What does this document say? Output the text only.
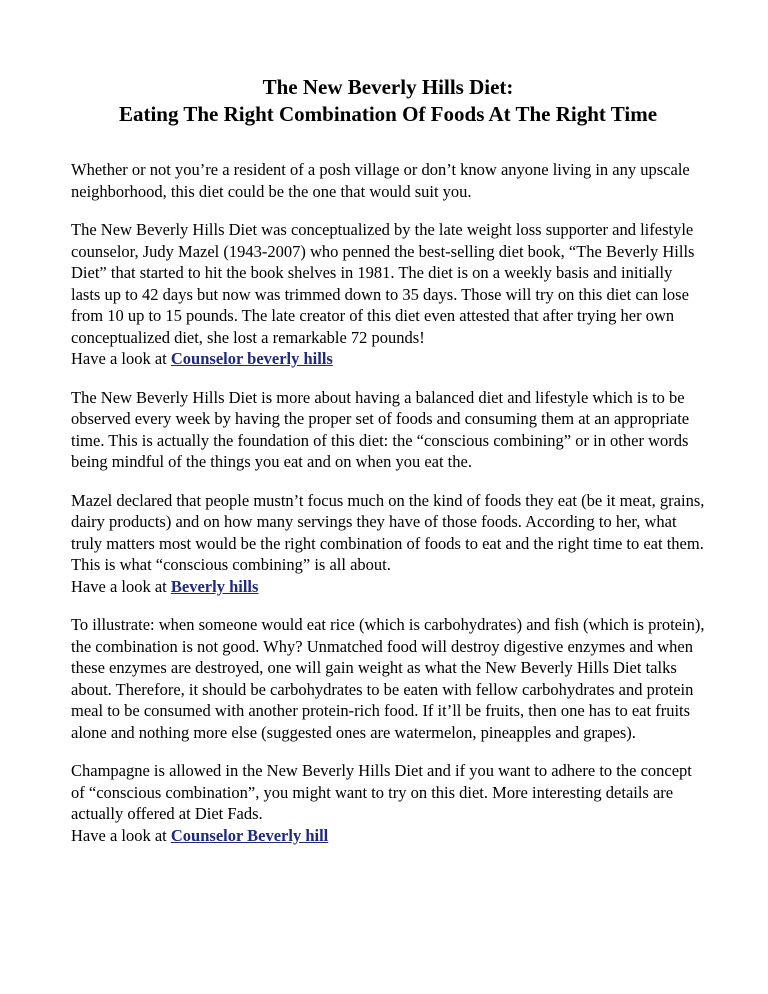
The New Beverly Hills Diet:
Eating The Right Combination Of Foods At The Right Time

Whether or not you’re a resident of a posh village or don’t know anyone living in any upscale neighborhood, this diet could be the one that would suit you.

The New Beverly Hills Diet was conceptualized by the late weight loss supporter and lifestyle counselor, Judy Mazel (1943-2007) who penned the best-selling diet book, “The Beverly Hills Diet” that started to hit the book shelves in 1981. The diet is on a weekly basis and initially lasts up to 42 days but now was trimmed down to 35 days. Those will try on this diet can lose from 10 up to 15 pounds. The late creator of this diet even attested that after trying her own conceptualized diet, she lost a remarkable 72 pounds!

Have a look at Counselor beverly hills

The New Beverly Hills Diet is more about having a balanced diet and lifestyle which is to be observed every week by having the proper set of foods and consuming them at an appropriate time. This is actually the foundation of this diet: the “conscious combining” or in other words being mindful of the things you eat and on when you eat the.

Mazel declared that people mustn’t focus much on the kind of foods they eat (be it meat, grains, dairy products) and on how many servings they have of those foods. According to her, what truly matters most would be the right combination of foods to eat and the right time to eat them. This is what “conscious combining” is all about.

Have a look at Beverly hills

To illustrate: when someone would eat rice (which is carbohydrates) and fish (which is protein), the combination is not good. Why? Unmatched food will destroy digestive enzymes and when these enzymes are destroyed, one will gain weight as what the New Beverly Hills Diet talks about. Therefore, it should be carbohydrates to be eaten with fellow carbohydrates and protein meal to be consumed with another protein-rich food. If it’ll be fruits, then one has to eat fruits alone and nothing more else (suggested ones are watermelon, pineapples and grapes).

Champagne is allowed in the New Beverly Hills Diet and if you want to adhere to the concept of “conscious combination”, you might want to try on this diet. More interesting details are actually offered at Diet Fads.

Have a look at Counselor Beverly hill
